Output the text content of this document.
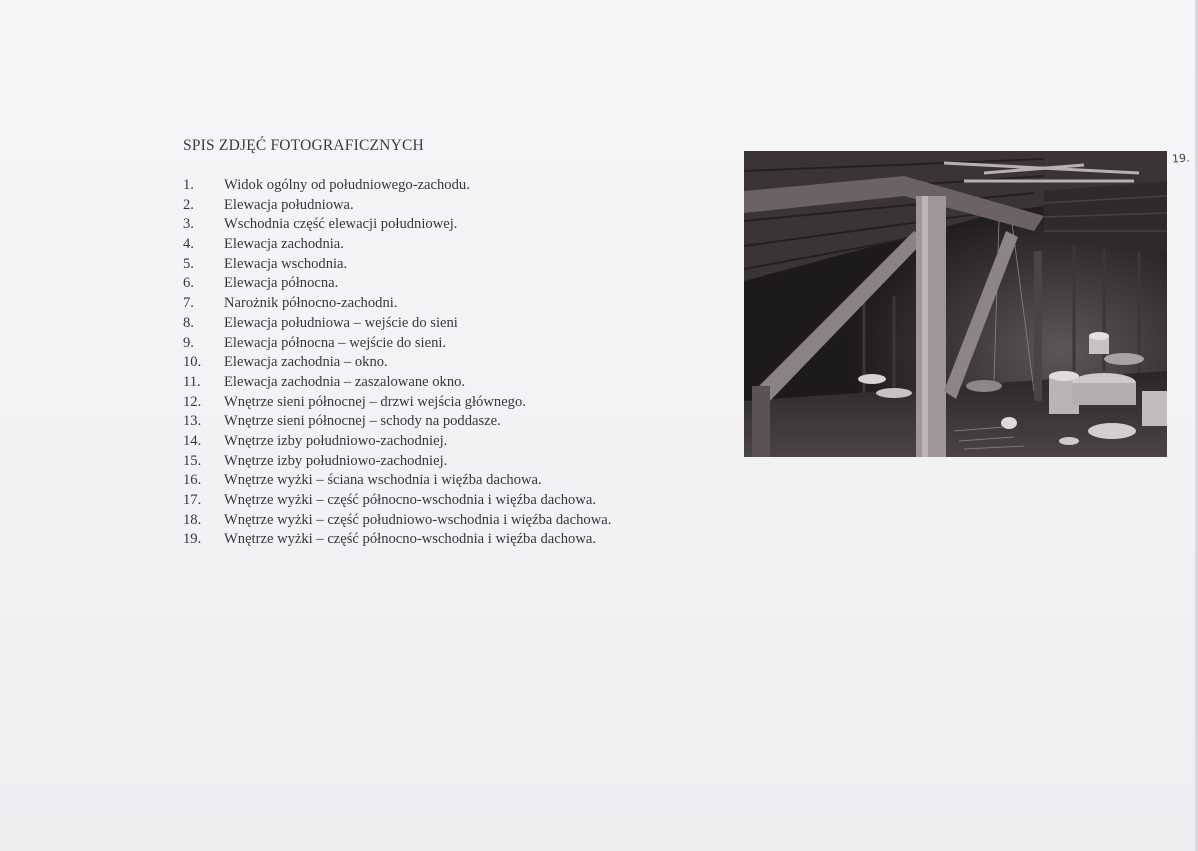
SPIS ZDJĘĆ FOTOGRAFICZNYCH
1.	Widok ogólny od południowego-zachodu.
2.	Elewacja południowa.
3.	Wschodnia część elewacji południowej.
4.	Elewacja zachodnia.
5.	Elewacja wschodnia.
6.	Elewacja północna.
7.	Narożnik północno-zachodni.
8.	Elewacja południowa – wejście do sieni
9.	Elewacja północna – wejście do sieni.
10.	Elewacja zachodnia – okno.
11.	Elewacja zachodnia – zaszalowane okno.
12.	Wnętrze sieni północnej – drzwi wejścia głównego.
13.	Wnętrze sieni północnej – schody na poddasze.
14.	Wnętrze izby południowo-zachodniej.
15.	Wnętrze izby południowo-zachodniej.
16.	Wnętrze wyżki – ściana wschodnia i więźba dachowa.
17.	Wnętrze wyżki – część północno-wschodnia i więźba dachowa.
18.	Wnętrze wyżki – część południowo-wschodnia i więźba dachowa.
19.	Wnętrze wyżki – część północno-wschodnia i więźba dachowa.
19.
